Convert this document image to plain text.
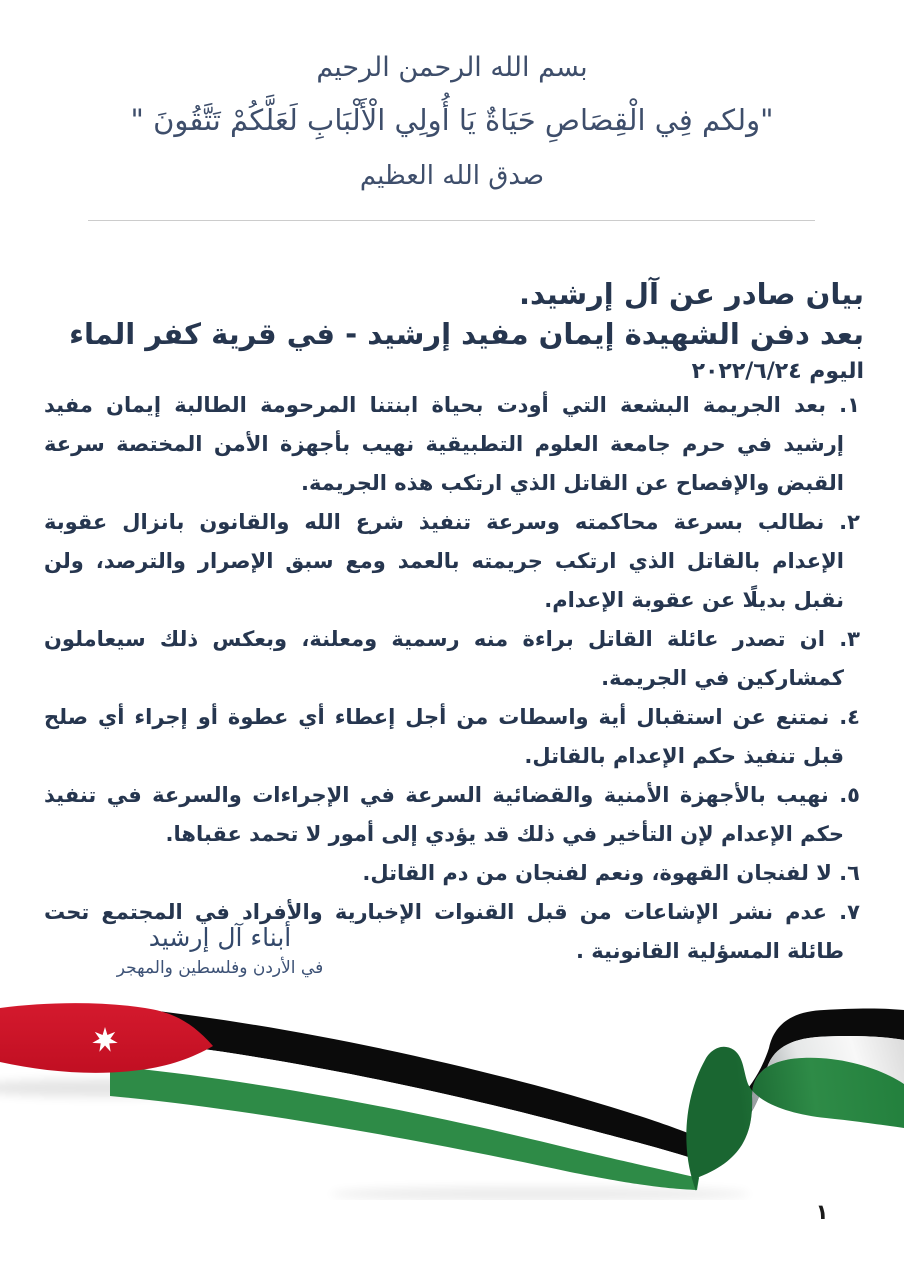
بسم الله الرحمن الرحيم
"ولكم فِي الْقِصَاصِ حَيَاةٌ يَا أُولِي الْأَلْبَابِ لَعَلَّكُمْ تَتَّقُونَ "
صدق الله العظيم
بيان صادر عن آل إرشيد.
بعد دفن الشهيدة إيمان مفيد إرشيد - في قرية كفر الماء
اليوم ٢٠٢٢/٦/٢٤
١. بعد الجريمة البشعة التي أودت بحياة ابنتنا المرحومة الطالبة إيمان مفيد إرشيد في حرم جامعة العلوم التطبيقية نهيب بأجهزة الأمن المختصة سرعة القبض والإفصاح عن القاتل الذي ارتكب هذه الجريمة.
٢. نطالب بسرعة محاكمته وسرعة تنفيذ شرع الله والقانون بانزال عقوبة الإعدام بالقاتل الذي ارتكب جريمته بالعمد ومع سبق الإصرار والترصد، ولن نقبل بديلًا عن عقوبة الإعدام.
٣. ان تصدر عائلة القاتل براءة منه رسمية ومعلنة، وبعكس ذلك سيعاملون كمشاركين في الجريمة.
٤. نمتنع عن استقبال أية واسطات من أجل إعطاء أي عطوة أو إجراء أي صلح قبل تنفيذ حكم الإعدام بالقاتل.
٥. نهيب بالأجهزة الأمنية والقضائية السرعة في الإجراءات والسرعة في تنفيذ حكم الإعدام لإن التأخير في ذلك قد يؤدي إلى أمور لا تحمد عقباها.
٦. لا لفنجان القهوة، ونعم لفنجان من دم القاتل.
٧. عدم نشر الإشاعات من قبل القنوات الإخبارية والأفراد في المجتمع تحت طائلة المسؤلية القانونية .
أبناء آل إرشيد
في الأردن وفلسطين والمهجر
١
